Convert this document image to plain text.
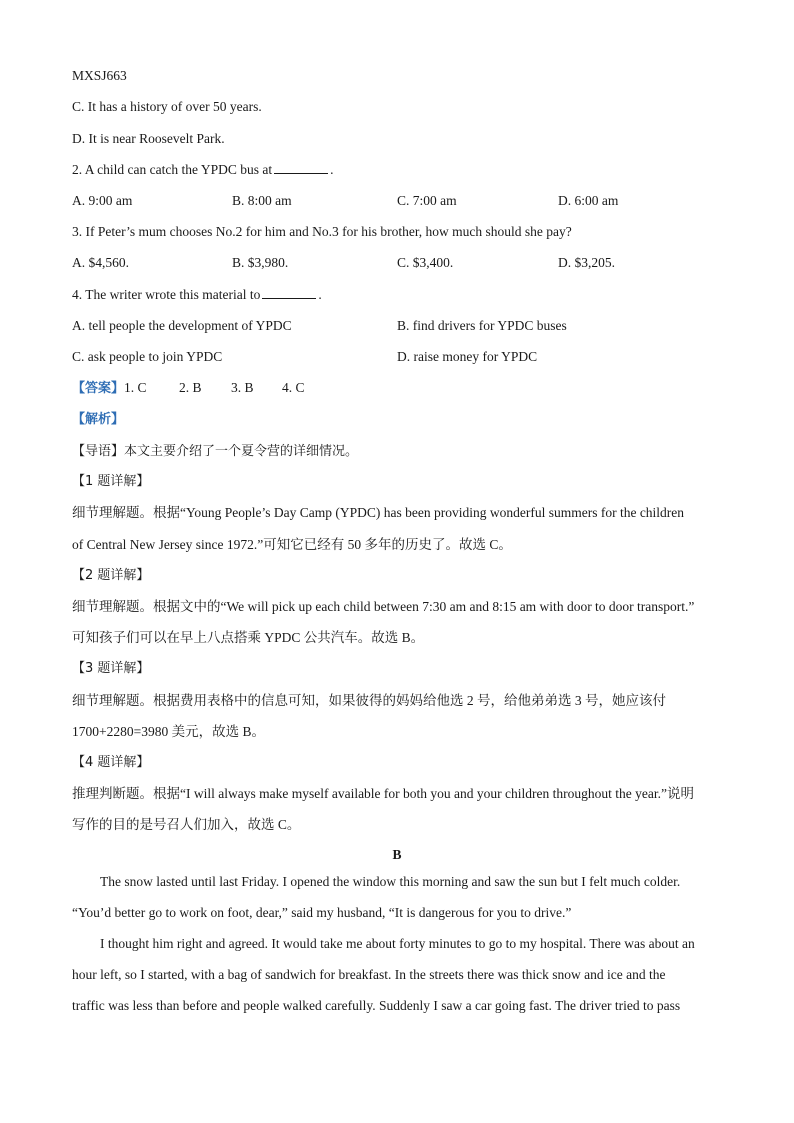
MXSJ663
C. It has a history of over 50 years.
D. It is near Roosevelt Park.
2. A child can catch the YPDC bus at	.
A. 9:00 am	B. 8:00 am	C. 7:00 am	D. 6:00 am
3. If Peter’s mum chooses No.2 for him and No.3 for his brother, how much should she pay?
A. $4,560.	B. $3,980.	C. $3,400.	D. $3,205.
4. The writer wrote this material to	.
A. tell people the development of YPDC	B. find drivers for YPDC buses
C. ask people to join YPDC	D. raise money for YPDC
【答案】1. C 2. B 3. B 4. C
【解析】
【导语】本文主要介绍了一个夏令营的详细情况。
【1 题详解】
细节理解题。根据“Young People’s Day Camp (YPDC) has been providing wonderful summers for the children
of Central New Jersey since 1972.”可知它已经有 50 多年的历史了。故选 C。
【2 题详解】
细节理解题。根据文中的“We will pick up each child between 7:30 am and 8:15 am with door to door transport.”
可知孩子们可以在早上八点搭乘 YPDC 公共汽车。故选 B。
【3 题详解】
细节理解题。根据费用表格中的信息可知，如果彼得的妈妈给他选 2 号，给他弟弟选 3 号，她应该付
1700+2280=3980 美元，故选 B。
【4 题详解】
推理判断题。根据“I will always make myself available for both you and your children throughout the year.”说明
写作的目的是号召人们加入，故选 C。
B
The snow lasted until last Friday. I opened the window this morning and saw the sun but I felt much colder.
“You’d better go to work on foot, dear,” said my husband, “It is dangerous for you to drive.”
I thought him right and agreed. It would take me about forty minutes to go to my hospital. There was about an
hour left, so I started, with a bag of sandwich for breakfast. In the streets there was thick snow and ice and the
traffic was less than before and people walked carefully. Suddenly I saw a car going fast. The driver tried to pass
